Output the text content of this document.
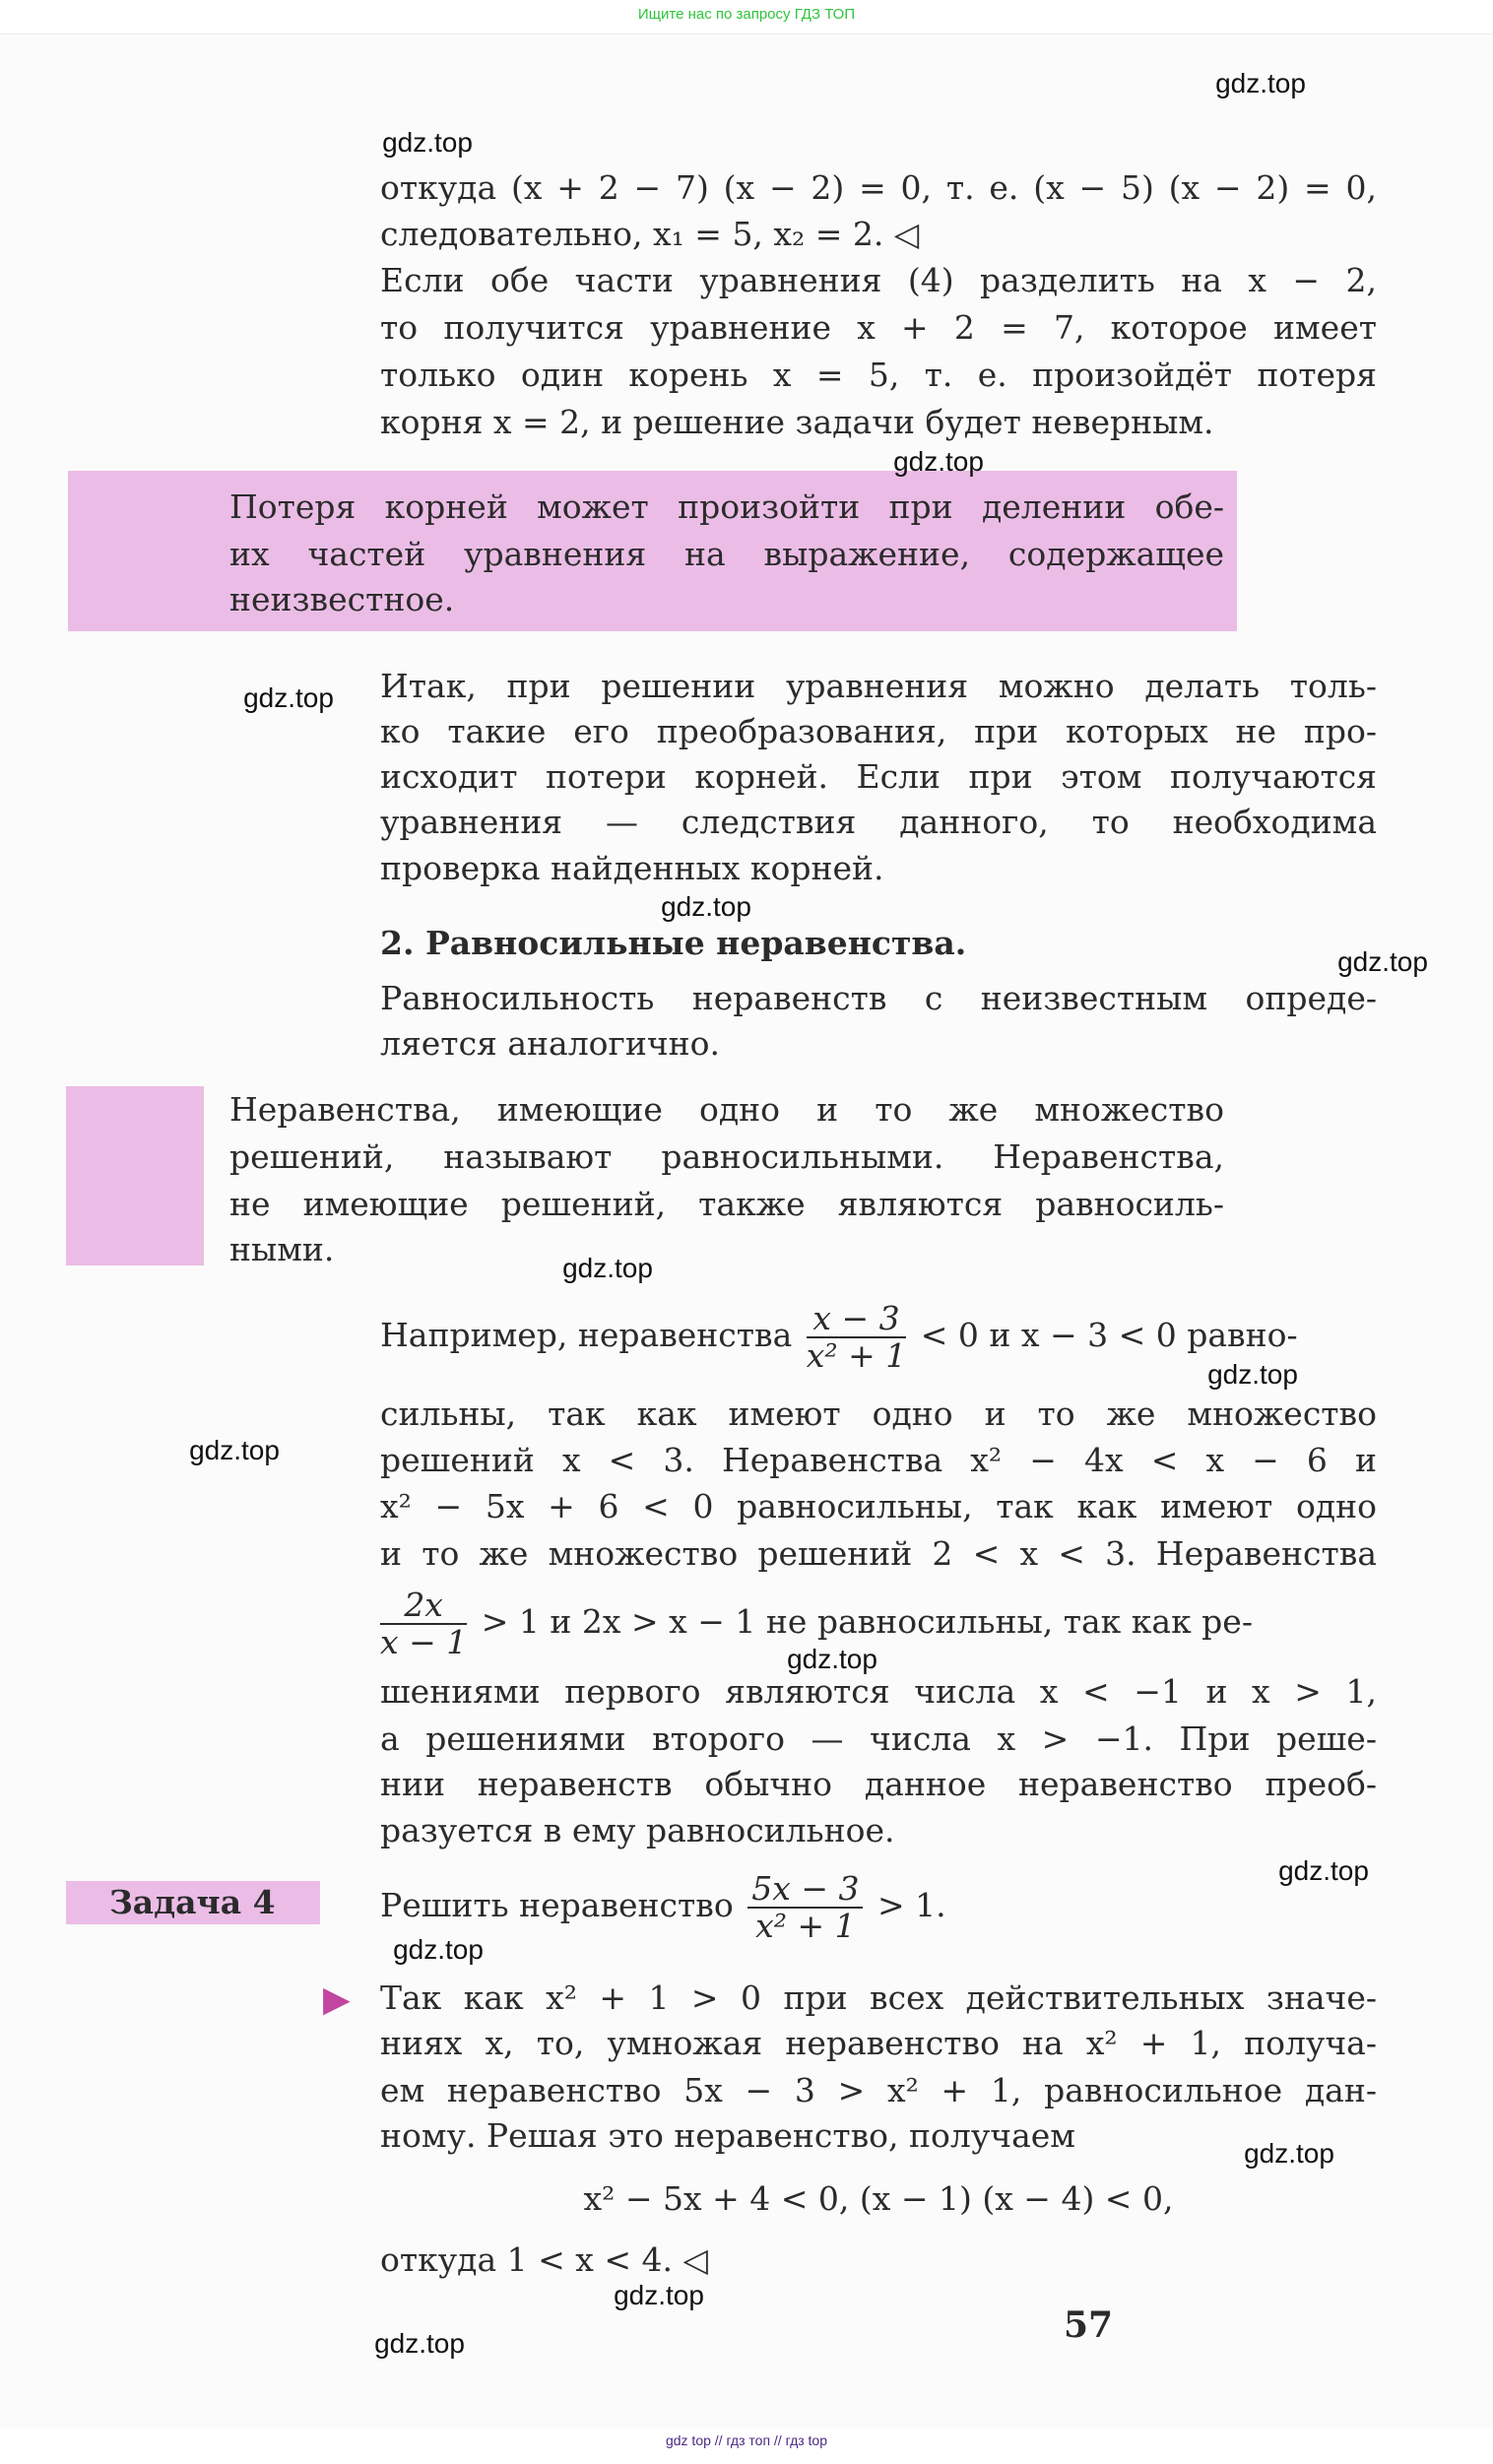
Ищите нас по запросу ГДЗ ТОП
откуда (x + 2 − 7) (x − 2) = 0, т. е. (x − 5) (x − 2) = 0,
следовательно, x₁ = 5, x₂ = 2. ◁
Если обе части уравнения (4) разделить на x − 2,
то получится уравнение x + 2 = 7, которое имеет
только один корень x = 5, т. е. произойдёт потеря
корня x = 2, и решение задачи будет неверным.
Потеря корней может произойти при делении обе-
их частей уравнения на выражение, содержащее
неизвестное.
Итак, при решении уравнения можно делать толь-
ко такие его преобразования, при которых не про-
исходит потери корней. Если при этом получаются
уравнения — следствия данного, то необходима
проверка найденных корней.
2. Равносильные неравенства.
Равносильность неравенств с неизвестным опреде-
ляется аналогично.
Неравенства, имеющие одно и то же множество
решений, называют равносильными. Неравенства,
не имеющие решений, также являются равносиль-
ными.
Например, неравенства $\frac{x - 3}{\text{x² + 1}} < 0$ и x − 3 < 0 равно-
сильны, так как имеют одно и то же множество
решений x < 3. Неравенства x² − 4x < x − 6 и
x² − 5x + 6 < 0 равносильны, так как имеют одно
и то же множество решений 2 < x < 3. Неравенства
$\frac{2x}{x - 1} > 1$ и 2x > x − 1 не равносильны, так как ре-
шениями первого являются числа x < −1 и x > 1,
а решениями второго — числа x > −1. При реше-
нии неравенств обычно данное неравенство преоб-
разуется в ему равносильное.
Задача 4	Решить неравенство $\frac{5x - 3}{\text{x² + 1}} > 1$.
▶ Так как x² + 1 > 0 при всех действительных значе-
ниях x, то, умножая неравенство на x² + 1, получа-
ем неравенство 5x − 3 > x² + 1, равносильное дан-
ному. Решая это неравенство, получаем
x² − 5x + 4 < 0, (x − 1) (x − 4) < 0,
откуда 1 < x < 4. ◁
57
gdz.top
gdz.top
gdz.top
gdz.top
gdz.top
gdz.top
gdz.top
gdz.top
gdz.top
gdz.top
gdz.top
gdz.top
gdz.top
gdz.top
gdz.top
gdz top // гдз топ // гдз top
